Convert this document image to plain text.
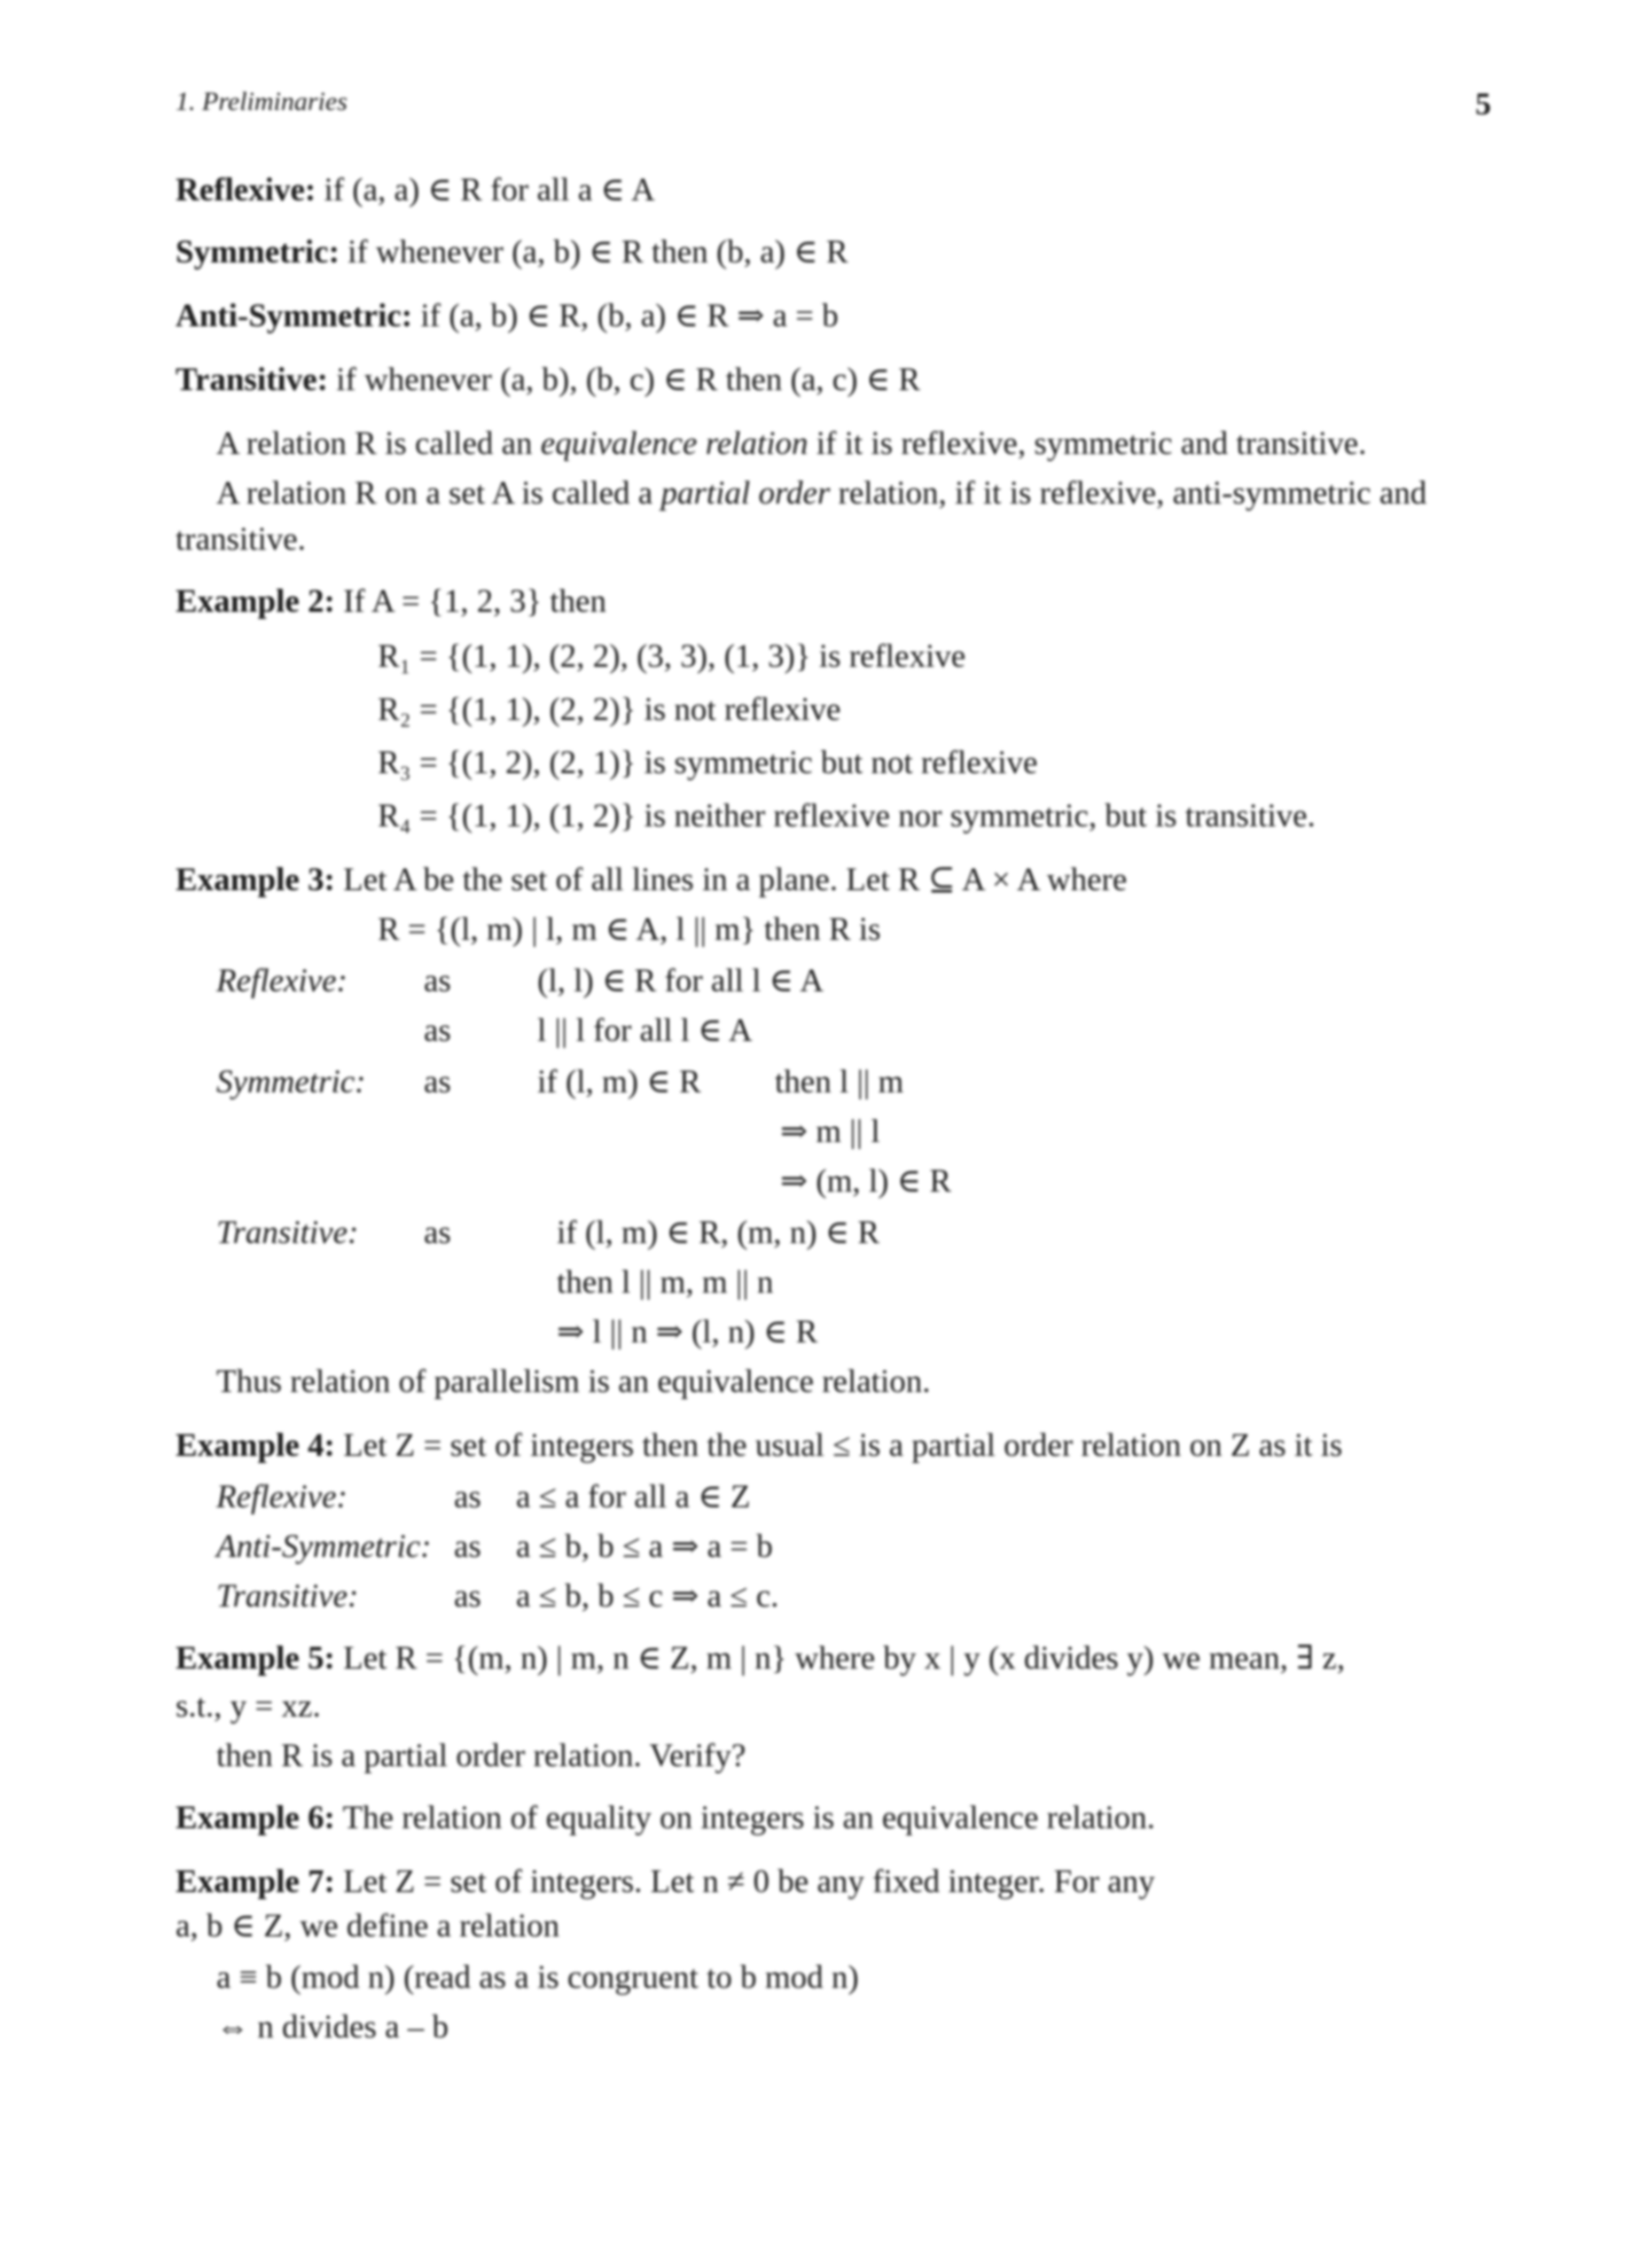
1. Preliminaries	5
Reflexive: if (a, a) ∈ R for all a ∈ A
Symmetric: if whenever (a, b) ∈ R then (b, a) ∈ R
Anti-Symmetric: if (a, b) ∈ R, (b, a) ∈ R ⇒ a = b
Transitive: if whenever (a, b), (b, c) ∈ R then (a, c) ∈ R
A relation R is called an equivalence relation if it is reflexive, symmetric and transitive.
A relation R on a set A is called a partial order relation, if it is reflexive, anti-symmetric and
transitive.
Example 2: If A = {1, 2, 3} then
R₁ = {(1, 1), (2, 2), (3, 3), (1, 3)} is reflexive
R₂ = {(1, 1), (2, 2)} is not reflexive
R₃ = {(1, 2), (2, 1)} is symmetric but not reflexive
R₄ = {(1, 1), (1, 2)} is neither reflexive nor symmetric, but is transitive.
Example 3: Let A be the set of all lines in a plane. Let R ⊆ A × A where
R = {(l, m) | l, m ∈ A, l || m} then R is
Reflexive: as	(l, l) ∈ R for all l ∈ A
as	l || l for all l ∈ A
Symmetric: as	if (l, m) ∈ R then l || m
⇒ m || l
⇒ (m, l) ∈ R
Transitive: as	if (l, m) ∈ R, (m, n) ∈ R
then l || m, m || n
⇒ l || n ⇒ (l, n) ∈ R
Thus relation of parallelism is an equivalence relation.
Example 4: Let Z = set of integers then the usual ≤ is a partial order relation on Z as it is
Reflexive:	as a ≤ a for all a ∈ Z
Anti-Symmetric: as a ≤ b, b ≤ a ⇒ a = b
Transitive:	as a ≤ b, b ≤ c ⇒ a ≤ c.
Example 5: Let R = {(m, n) | m, n ∈ Z, m | n} where by x | y (x divides y) we mean, ∃ z,
s.t., y = xz.
then R is a partial order relation. Verify?
Example 6: The relation of equality on integers is an equivalence relation.
Example 7: Let Z = set of integers. Let n ≠ 0 be any fixed integer. For any
a, b ∈ Z, we define a relation
a ≡ b (mod n) (read as a is congruent to b mod n)
⇔ n divides a – b
